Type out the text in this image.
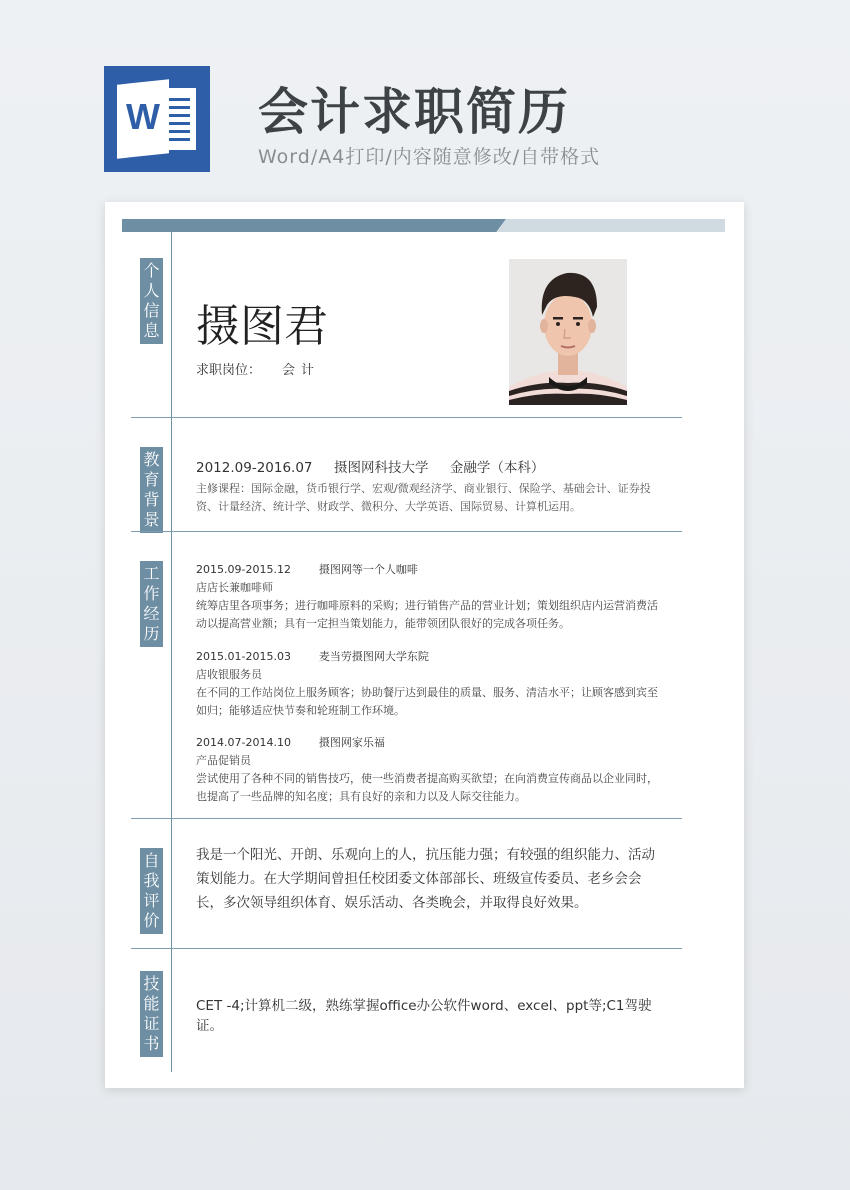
W 会计求职简历
Word/A4打印/内容随意修改/自带格式
个人信息 摄图君
求职岗位： 会计
教育背景
2012.09-2016.07     摄图网科技大学     金融学（本科）
主修课程：国际金融，货币银行学、宏观/微观经济学、商业银行、保险学、基础会计、证券投资、计量经济、统计学、财政学、微积分、大学英语、国际贸易、计算机运用。
工作经历
2015.09-2015.12        摄图网等一个人咖啡
店店长兼咖啡师
统筹店里各项事务；进行咖啡原料的采购；进行销售产品的营业计划；策划组织店内运营消费活动以提高营业额；具有一定担当策划能力，能带领团队很好的完成各项任务。
2015.01-2015.03        麦当劳摄图网大学东院
店收银服务员
在不同的工作站岗位上服务顾客；协助餐厅达到最佳的质量、服务、清洁水平；让顾客感到宾至如归；能够适应快节奏和轮班制工作环境。
2014.07-2014.10        摄图网家乐福
产品促销员
尝试使用了各种不同的销售技巧，使一些消费者提高购买欲望；在向消费宣传商品以企业同时，也提高了一些品牌的知名度；具有良好的亲和力以及人际交往能力。
自我评价
我是一个阳光、开朗、乐观向上的人，抗压能力强；有较强的组织能力、活动策划能力。在大学期间曾担任校团委文体部部长、班级宣传委员、老乡会会长，多次领导组织体育、娱乐活动、各类晚会，并取得良好效果。
技能证书
CET -4;计算机二级，熟练掌握office办公软件word、excel、ppt等;C1驾驶证。
